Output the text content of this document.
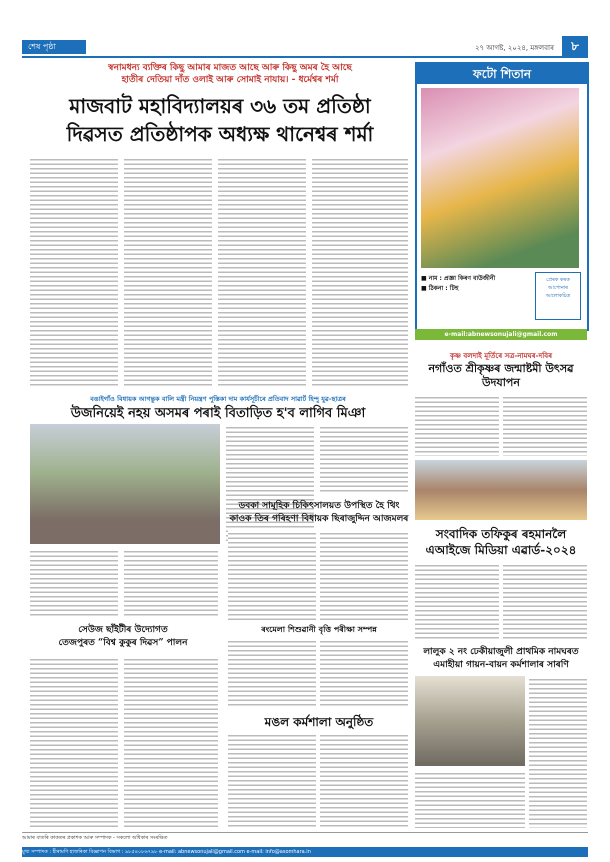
শেষ পৃষ্ঠা	২৭ আগষ্ট, ২০২৪, মঙ্গলবাৰ	৮
স্বনামধন্য ব্যক্তিৰ কিছু আমাৰ মাজত আছে আৰু কিছু অমৰ হৈ আছে
হাতীৰ দেতিয়া দাঁত ওলাই আৰু সোমাই নাযায়। - ধৰ্মেশ্বৰ শৰ্মা
মাজবাট মহাবিদ্যালয়ৰ ৩৬ তম প্ৰতিষ্ঠা
দিৱসত প্ৰতিষ্ঠাপক অধ্যক্ষ থানেশ্বৰ শৰ্মা
বঙাইগাঁও বিধায়ক আগন্তুক বালি মন্ত্ৰী নিয়ন্ত্ৰণ পুস্তিকা দাম কাৰ্যসূচীৰে প্ৰতিবাদ সাৱাৰ্ট হিন্দু যুৱ-ছাত্ৰৰ
ফটো শিতান
■ নাম : প্ৰজ্ঞা কিৰণ বাউজীনী
■ ঠিকনা : টিহু
প্ৰেৰক কৰক আপোনাৰ আলোকচিত্ৰ
e-mail:abnewsonujali@gmail.com
কৃষ্ণ বলদাই মূৰ্তিৰে সত্ৰ-নামঘৰ-দবিৰ
নগাঁওত শ্ৰীকৃষ্ণৰ জন্মাষ্টমী উৎসৱ উদযাপন
উজনিয়েই নহয় অসমৰ পৰাই বিতাড়িত হ'ব লাগিব মিঞা
ডবকা সামূহিক চিকিৎসালয়ত উপস্থিত হৈ থিং
কাওক তিৰ গৰিহণা বিধায়ক ছিৰাজুদ্দিন আজমলৰ
সংবাদিক তফিকুৰ ৰহমানলৈ
এআইজে মিডিয়া এৱাৰ্ড-২০২৪
সেউজ ছাঁইটীৰ উদ্যোগত
তেজপুৰত “বিশ্ব কুকুৰ দিৱস” পালন
ৰংমেলা শিশুৱানী বৃত্তি পৰীক্ষা সম্পন্ন
মঙল কৰ্মশালা অনুষ্ঠিত
লালুক ২ নং ঢেকীয়াজুলী প্ৰাথমিক নামঘৰত
এমাহীয়া গায়ন-বায়ন কৰ্মশালাৰ সাৰণি
আমাৰ বাতৰি কাকতৰ প্ৰকাশক আৰু সম্পাদক - সকলো অধিকাৰ সংৰক্ষিত
মুখ্য সম্পাদক : হীৰামণি হাজৰিকা বিজ্ঞাপন বিভাগ : ৯৮৫৪০৮৬৭৯৮ e-mail: abnewsonujali@gmail.com e-mail: info@asomhara.in
